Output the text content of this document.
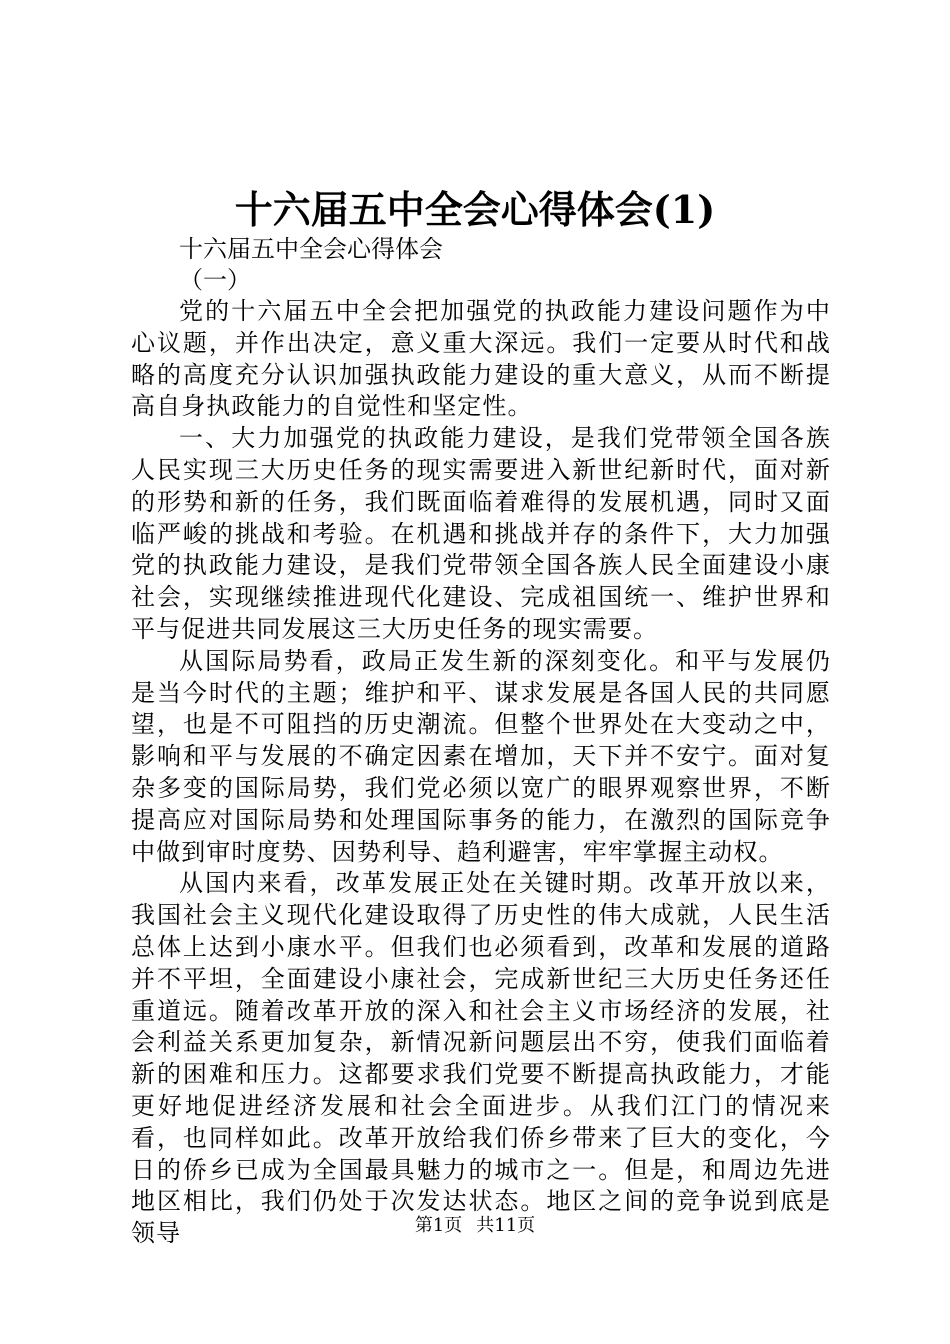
十六届五中全会心得体会(1)

十六届五中全会心得体会

（一）

党的十六届五中全会把加强党的执政能力建设问题作为中心议题，并作出决定，意义重大深远。我们一定要从时代和战略的高度充分认识加强执政能力建设的重大意义，从而不断提高自身执政能力的自觉性和坚定性。

一、大力加强党的执政能力建设，是我们党带领全国各族人民实现三大历史任务的现实需要进入新世纪新时代，面对新的形势和新的任务，我们既面临着难得的发展机遇，同时又面临严峻的挑战和考验。在机遇和挑战并存的条件下，大力加强党的执政能力建设，是我们党带领全国各族人民全面建设小康社会，实现继续推进现代化建设、完成祖国统一、维护世界和平与促进共同发展这三大历史任务的现实需要。

从国际局势看，政局正发生新的深刻变化。和平与发展仍是当今时代的主题；维护和平、谋求发展是各国人民的共同愿望，也是不可阻挡的历史潮流。但整个世界处在大变动之中，影响和平与发展的不确定因素在增加，天下并不安宁。面对复杂多变的国际局势，我们党必须以宽广的眼界观察世界，不断提高应对国际局势和处理国际事务的能力，在激烈的国际竞争中做到审时度势、因势利导、趋利避害，牢牢掌握主动权。

从国内来看，改革发展正处在关键时期。改革开放以来，我国社会主义现代化建设取得了历史性的伟大成就，人民生活总体上达到小康水平。但我们也必须看到，改革和发展的道路并不平坦，全面建设小康社会，完成新世纪三大历史任务还任重道远。随着改革开放的深入和社会主义市场经济的发展，社会利益关系更加复杂，新情况新问题层出不穷，使我们面临着新的困难和压力。这都要求我们党要不断提高执政能力，才能更好地促进经济发展和社会全面进步。从我们江门的情况来看，也同样如此。改革开放给我们侨乡带来了巨大的变化，今日的侨乡已成为全国最具魅力的城市之一。但是，和周边先进地区相比，我们仍处于次发达状态。地区之间的竞争说到底是领导	第1页 共11页
